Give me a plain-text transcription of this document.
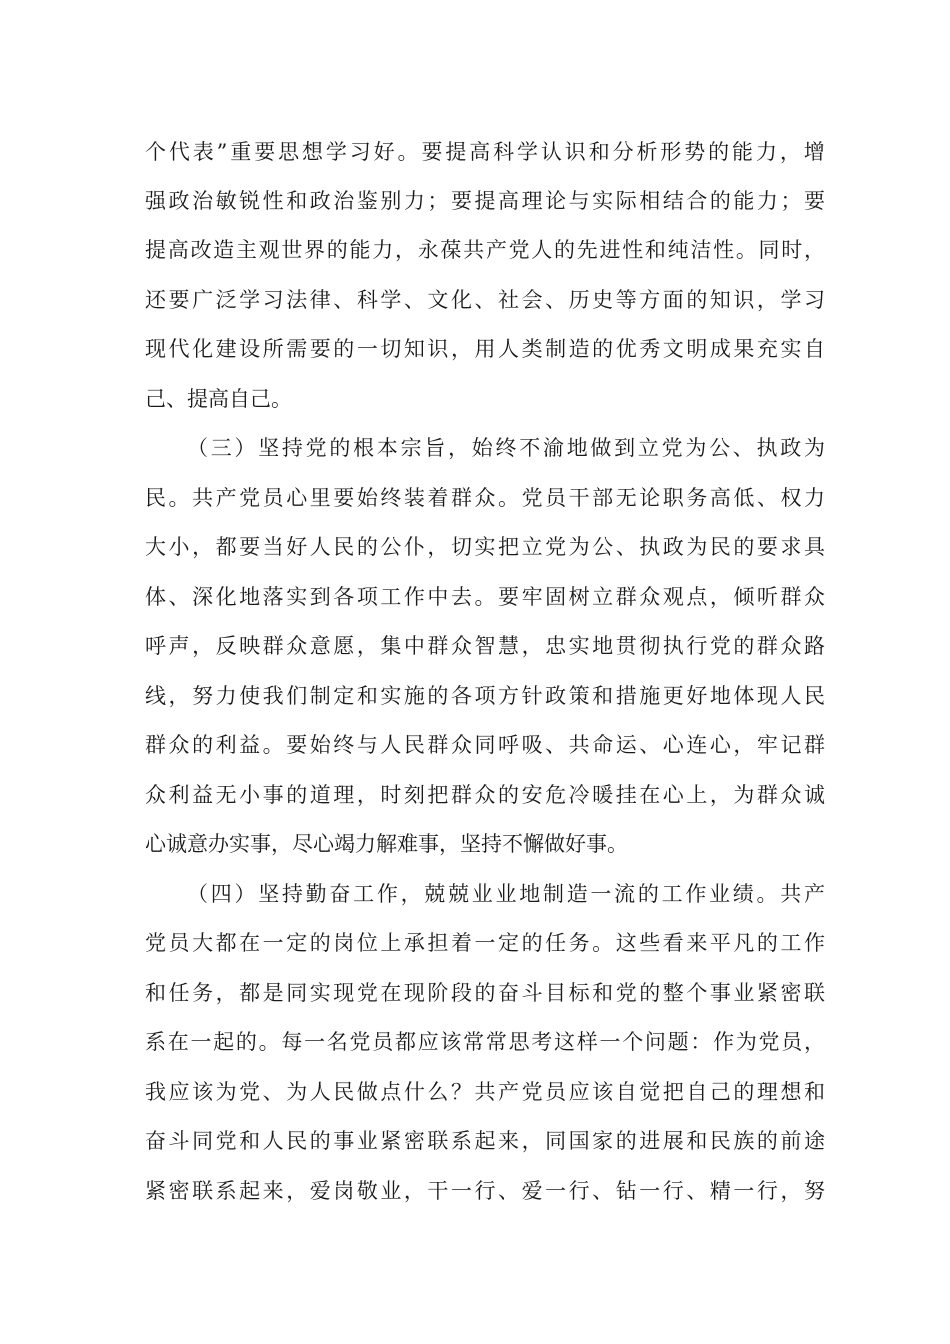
个代表”重要思想学习好。要提高科学认识和分析形势的能力，增
强政治敏锐性和政治鉴别力；要提高理论与实际相结合的能力；要
提高改造主观世界的能力，永葆共产党人的先进性和纯洁性。同时，
还要广泛学习法律、科学、文化、社会、历史等方面的知识，学习
现代化建设所需要的一切知识，用人类制造的优秀文明成果充实自
己、提高自己。
（三）坚持党的根本宗旨，始终不渝地做到立党为公、执政为
民。共产党员心里要始终装着群众。党员干部无论职务高低、权力
大小，都要当好人民的公仆，切实把立党为公、执政为民的要求具
体、深化地落实到各项工作中去。要牢固树立群众观点，倾听群众
呼声，反映群众意愿，集中群众智慧，忠实地贯彻执行党的群众路
线，努力使我们制定和实施的各项方针政策和措施更好地体现人民
群众的利益。要始终与人民群众同呼吸、共命运、心连心，牢记群
众利益无小事的道理，时刻把群众的安危冷暖挂在心上，为群众诚
心诚意办实事，尽心竭力解难事，坚持不懈做好事。
（四）坚持勤奋工作，兢兢业业地制造一流的工作业绩。共产
党员大都在一定的岗位上承担着一定的任务。这些看来平凡的工作
和任务，都是同实现党在现阶段的奋斗目标和党的整个事业紧密联
系在一起的。每一名党员都应该常常思考这样一个问题：作为党员，
我应该为党、为人民做点什么？共产党员应该自觉把自己的理想和
奋斗同党和人民的事业紧密联系起来，同国家的进展和民族的前途
紧密联系起来，爱岗敬业，干一行、爱一行、钻一行、精一行，努
